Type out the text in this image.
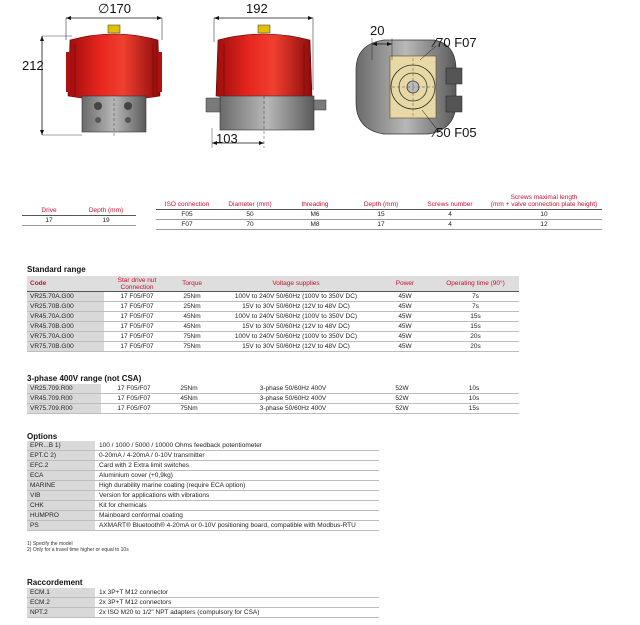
∅170
212
192
103
20
∕70 F07
∕50 F05
Drive	Depth (mm)
17	19
ISO connection	Diameter (mm)	threading	Depth (mm)	Screws number	Screws maximal length
(mm + valve connection plate height)
F05	50	M6	15	4	10
F07	70	M8	17	4	12
Standard range
Code	Star drive nut
Connection	Torque	Voltage supplies	Power	Operating time (90°)
VR25.70A.G00	17 F05/F07	25Nm	100V to 240V 50/60Hz (100V to 350V DC)	45W	7s
VR25.70B.G00	17 F05/F07	25Nm	15V to 30V 50/60Hz (12V to 48V DC)	45W	7s
VR45.70A.G00	17 F05/F07	45Nm	100V to 240V 50/60Hz (100V to 350V DC)	45W	15s
VR45.70B.G00	17 F05/F07	45Nm	15V to 30V 50/60Hz (12V to 48V DC)	45W	15s
VR75.70A.G00	17 F05/F07	75Nm	100V to 240V 50/60Hz (100V to 350V DC)	45W	20s
VR75.70B.G00	17 F05/F07	75Nm	15V to 30V 50/60Hz (12V to 48V DC)	45W	20s
3-phase 400V range (not CSA)
VR25.709.R00	17 F05/F07	25Nm	3-phase 50/60Hz 400V	52W	10s
VR45.709.R00	17 F05/F07	45Nm	3-phase 50/60Hz 400V	52W	10s
VR75.709.R00	17 F05/F07	75Nm	3-phase 50/60Hz 400V	52W	15s
Options
EPR...B 1)	100 / 1000 / 5000 / 10000 Ohms feedback potentiometer
EPT.C 2)	0-20mA / 4-20mA / 0-10V transmitter
EFC.2	Card with 2 Extra limit switches
ECA	Aluminium cover (+0,9kg)
MARINE	High durability marine coating (require ECA option)
VIB	Version for applications with vibrations
CHK	Kit for chemicals
HUMPRO	Mainboard conformal coating
PS	AXMART® Bluetooth® 4-20mA or 0-10V positioning board, compatible with Modbus-RTU
1) Specify the model
2) Only for a travel time higher or equal to 10s
Raccordement
ECM.1	1x 3P+T M12 connector
ECM.2	2x 3P+T M12 connectors
NPT.2	2x ISO M20 to 1/2" NPT adapters (compulsory for CSA)
